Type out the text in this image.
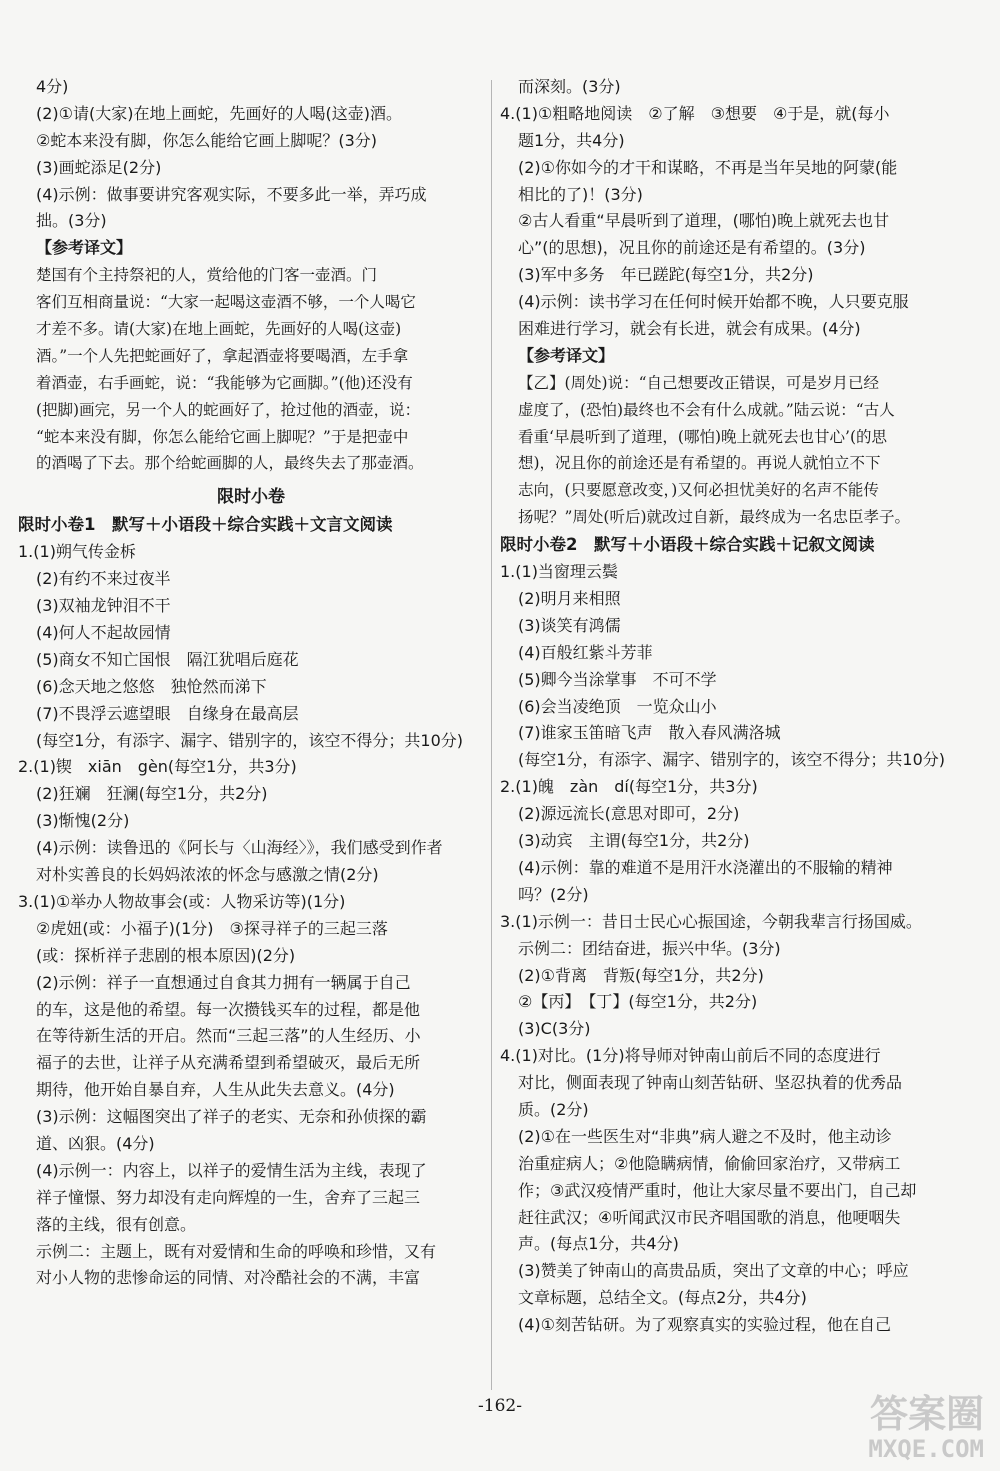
4分)
(2)①请(大家)在地上画蛇，先画好的人喝(这壶)酒。
②蛇本来没有脚，你怎么能给它画上脚呢？(3分)
(3)画蛇添足(2分)
(4)示例：做事要讲究客观实际，不要多此一举，弄巧成
拙。(3分)
【参考译文】
楚国有个主持祭祀的人，赏给他的门客一壶酒。门
客们互相商量说：“大家一起喝这壶酒不够，一个人喝它
才差不多。请(大家)在地上画蛇，先画好的人喝(这壶)
酒。”一个人先把蛇画好了，拿起酒壶将要喝酒，左手拿
着酒壶，右手画蛇，说：“我能够为它画脚。”(他)还没有
(把脚)画完，另一个人的蛇画好了，抢过他的酒壶，说：
“蛇本来没有脚，你怎么能给它画上脚呢？”于是把壶中
的酒喝了下去。那个给蛇画脚的人，最终失去了那壶酒。
限时小卷
限时小卷1　默写＋小语段＋综合实践＋文言文阅读
1.(1)朔气传金柝
(2)有约不来过夜半
(3)双袖龙钟泪不干
(4)何人不起故园情
(5)商女不知亡国恨　隔江犹唱后庭花
(6)念天地之悠悠　独怆然而涕下
(7)不畏浮云遮望眼　自缘身在最高层
(每空1分，有添字、漏字、错别字的，该空不得分；共10分)
2.(1)锲　xiān　gèn(每空1分，共3分)
(2)狂斓　狂澜(每空1分，共2分)
(3)惭愧(2分)
(4)示例：读鲁迅的《阿长与〈山海经〉》，我们感受到作者
对朴实善良的长妈妈浓浓的怀念与感激之情(2分)
3.(1)①举办人物故事会(或：人物采访等)(1分)
②虎妞(或：小福子)(1分)　③探寻祥子的三起三落
(或：探析祥子悲剧的根本原因)(2分)
(2)示例：祥子一直想通过自食其力拥有一辆属于自己
的车，这是他的希望。每一次攒钱买车的过程，都是他
在等待新生活的开启。然而“三起三落”的人生经历、小
福子的去世，让祥子从充满希望到希望破灭，最后无所
期待，他开始自暴自弃，人生从此失去意义。(4分)
(3)示例：这幅图突出了祥子的老实、无奈和孙侦探的霸
道、凶狠。(4分)
(4)示例一：内容上，以祥子的爱情生活为主线，表现了
祥子憧憬、努力却没有走向辉煌的一生，舍弃了三起三
落的主线，很有创意。
示例二：主题上，既有对爱情和生命的呼唤和珍惜，又有
对小人物的悲惨命运的同情、对冷酷社会的不满，丰富
而深刻。(3分)
4.(1)①粗略地阅读　②了解　③想要　④于是，就(每小
题1分，共4分)
(2)①你如今的才干和谋略，不再是当年吴地的阿蒙(能
相比的了)！(3分)
②古人看重“早晨听到了道理，(哪怕)晚上就死去也甘
心”(的思想)，况且你的前途还是有希望的。(3分)
(3)军中多务　年已蹉跎(每空1分，共2分)
(4)示例：读书学习在任何时候开始都不晚，人只要克服
困难进行学习，就会有长进，就会有成果。(4分)
【参考译文】
【乙】(周处)说：“自己想要改正错误，可是岁月已经
虚度了，(恐怕)最终也不会有什么成就。”陆云说：“古人
看重‘早晨听到了道理，(哪怕)晚上就死去也甘心’(的思
想)，况且你的前途还是有希望的。再说人就怕立不下
志向，(只要愿意改变，)又何必担忧美好的名声不能传
扬呢？”周处(听后)就改过自新，最终成为一名忠臣孝子。
限时小卷2　默写＋小语段＋综合实践＋记叙文阅读
1.(1)当窗理云鬓
(2)明月来相照
(3)谈笑有鸿儒
(4)百般红紫斗芳菲
(5)卿今当涂掌事　不可不学
(6)会当凌绝顶　一览众山小
(7)谁家玉笛暗飞声　散入春风满洛城
(每空1分，有添字、漏字、错别字的，该空不得分；共10分)
2.(1)魄　zàn　dí(每空1分，共3分)
(2)源远流长(意思对即可，2分)
(3)动宾　主谓(每空1分，共2分)
(4)示例：靠的难道不是用汗水浇灌出的不服输的精神
吗？(2分)
3.(1)示例一：昔日士民心心振国途，今朝我辈言行扬国威。
示例二：团结奋进，振兴中华。(3分)
(2)①背离　背叛(每空1分，共2分)
②【丙】　【丁】(每空1分，共2分)
(3)C(3分)
4.(1)对比。(1分)将导师对钟南山前后不同的态度进行
对比，侧面表现了钟南山刻苦钻研、坚忍执着的优秀品
质。(2分)
(2)①在一些医生对“非典”病人避之不及时，他主动诊
治重症病人；②他隐瞒病情，偷偷回家治疗，又带病工
作；③武汉疫情严重时，他让大家尽量不要出门，自己却
赶往武汉；④听闻武汉市民齐唱国歌的消息，他哽咽失
声。(每点1分，共4分)
(3)赞美了钟南山的高贵品质，突出了文章的中心；呼应
文章标题，总结全文。(每点2分，共4分)
(4)①刻苦钻研。为了观察真实的实验过程，他在自己
-162-	答案圈
MXQE.COM
